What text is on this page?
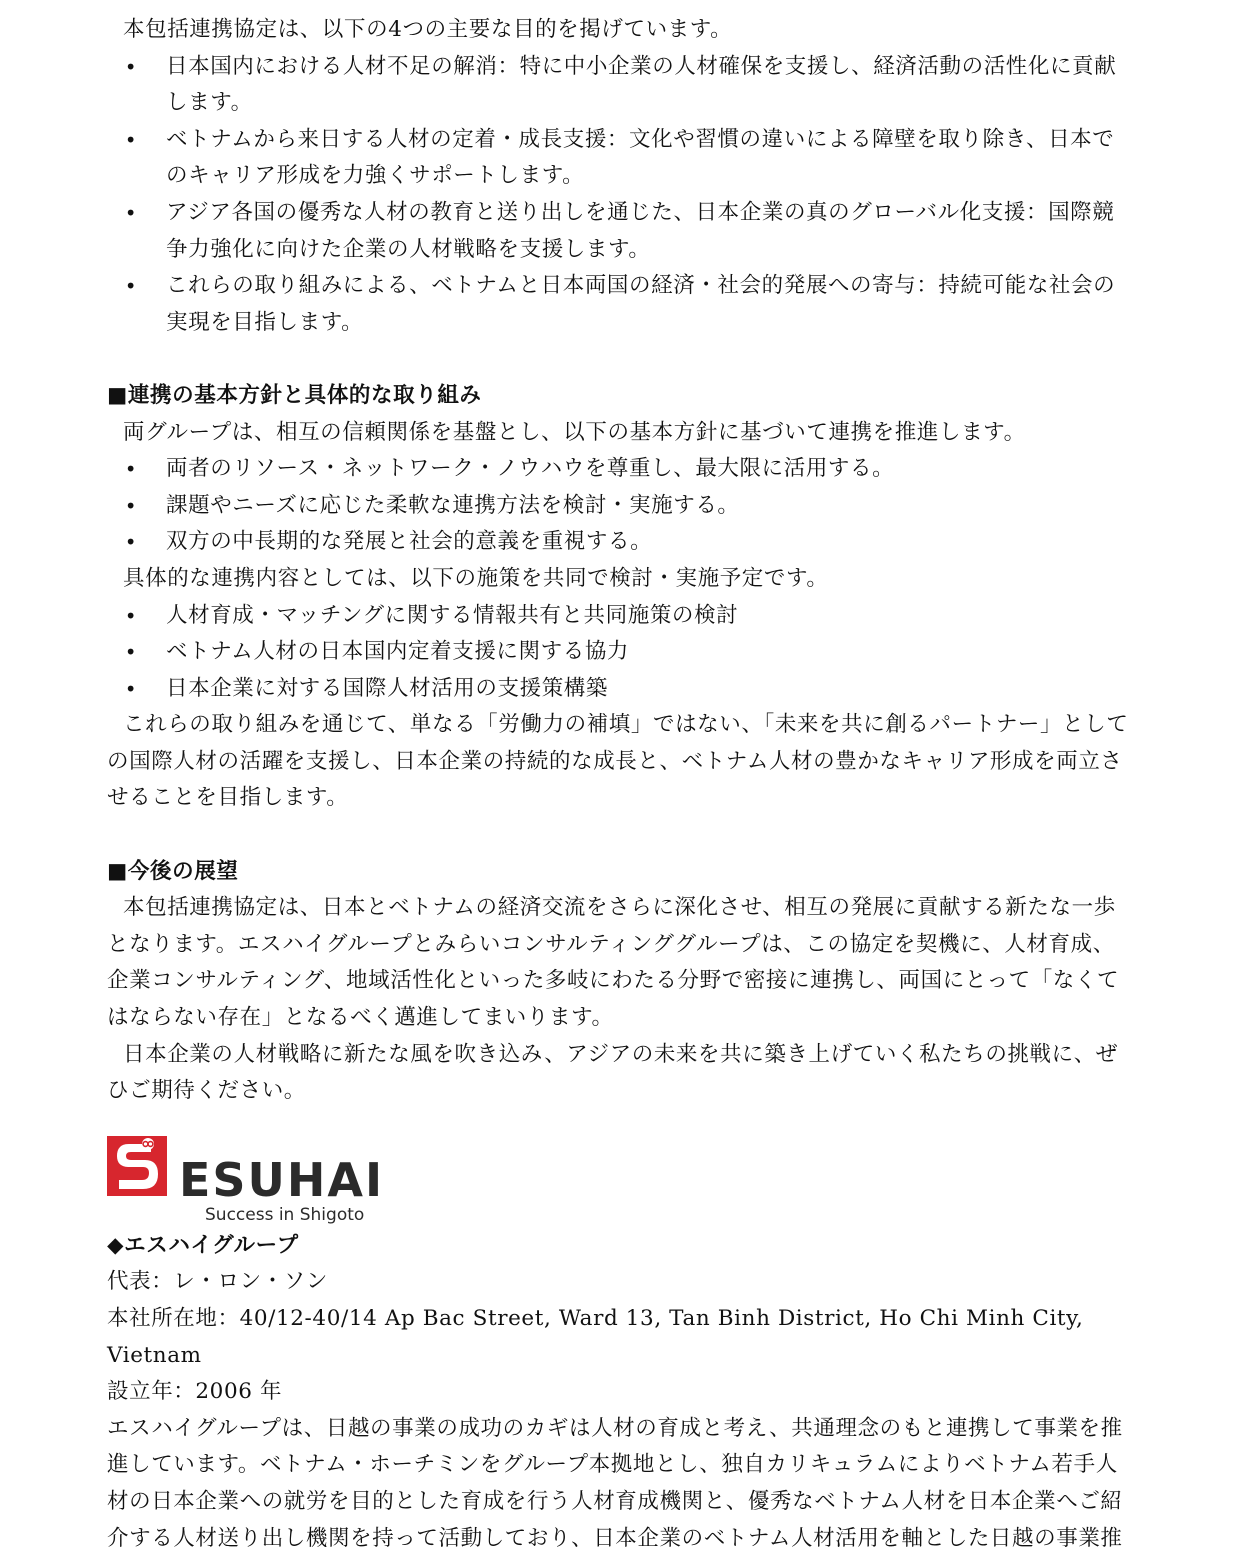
本包括連携協定は、以下の4つの主要な目的を掲げています。

• 日本国内における人材不足の解消：特に中小企業の人材確保を支援し、経済活動の活性化に貢献します。
• ベトナムから来日する人材の定着・成長支援：文化や習慣の違いによる障壁を取り除き、日本でのキャリア形成を力強くサポートします。
• アジア各国の優秀な人材の教育と送り出しを通じた、日本企業の真のグローバル化支援：国際競争力強化に向けた企業の人材戦略を支援します。
• これらの取り組みによる、ベトナムと日本両国の経済・社会的発展への寄与：持続可能な社会の実現を目指します。
■連携の基本方針と具体的な取り組み

両グループは、相互の信頼関係を基盤とし、以下の基本方針に基づいて連携を推進します。

• 両者のリソース・ネットワーク・ノウハウを尊重し、最大限に活用する。
• 課題やニーズに応じた柔軟な連携方法を検討・実施する。
• 双方の中長期的な発展と社会的意義を重視する。

具体的な連携内容としては、以下の施策を共同で検討・実施予定です。

• 人材育成・マッチングに関する情報共有と共同施策の検討
• ベトナム人材の日本国内定着支援に関する協力
• 日本企業に対する国際人材活用の支援策構築

これらの取り組みを通じて、単なる「労働力の補填」ではない、「未来を共に創るパートナー」としての国際人材の活躍を支援し、日本企業の持続的な成長と、ベトナム人材の豊かなキャリア形成を両立させることを目指します。

■今後の展望

本包括連携協定は、日本とベトナムの経済交流をさらに深化させ、相互の発展に貢献する新たな一歩となります。エスハイグループとみらいコンサルティンググループは、この協定を契機に、人材育成、企業コンサルティング、地域活性化といった多岐にわたる分野で密接に連携し、両国にとって「なくてはならない存在」となるべく邁進してまいります。

日本企業の人材戦略に新たな風を吹き込み、アジアの未来を共に築き上げていく私たちの挑戦に、ぜひご期待ください。

ESUHAI
Success in Shigoto
◆エスハイグループ

代表：レ・ロン・ソン

本社所在地：40/12-40/14 Ap Bac Street, Ward 13, Tan Binh District, Ho Chi Minh City, Vietnam

設立年：2006 年

エスハイグループは、日越の事業の成功のカギは人材の育成と考え、共通理念のもと連携して事業を推進しています。ベトナム・ホーチミンをグループ本拠地とし、独自カリキュラムによりベトナム若手人材の日本企業への就労を目的とした育成を行う人材育成機関と、優秀なベトナム人材を日本企業へご紹介する人材送り出し機関を持って活動しており、日本企業のベトナム人材活用を軸とした日越の事業推
